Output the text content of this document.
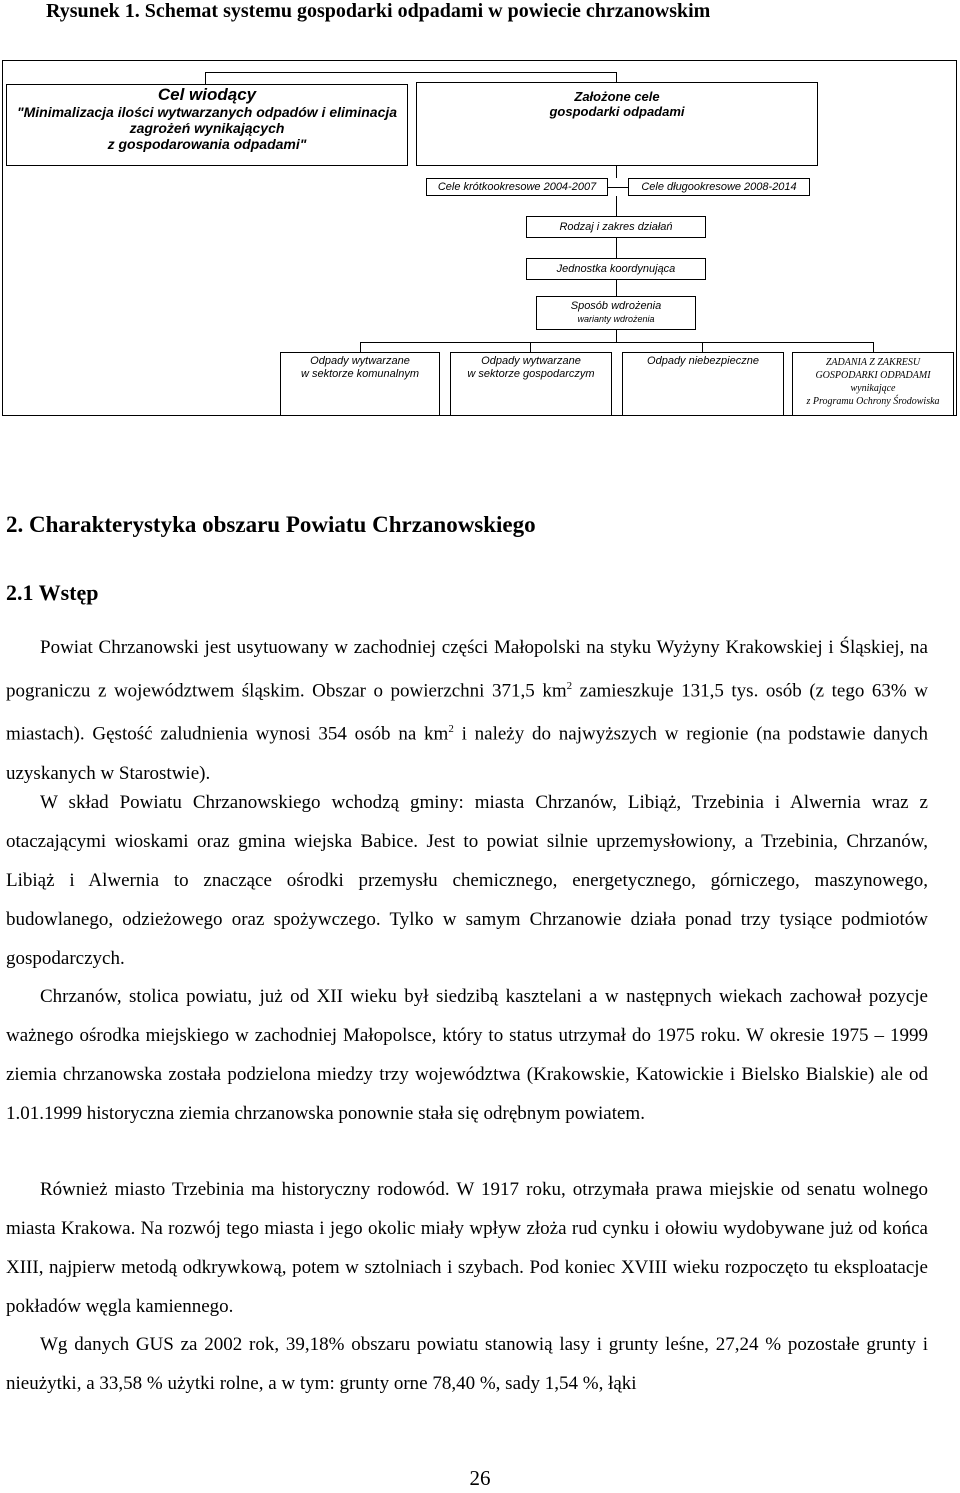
Rysunek 1. Schemat systemu gospodarki odpadami w powiecie chrzanowskim
Cel wiodący
"Minimalizacja ilości wytwarzanych odpadów i eliminacja
zagrożeń wynikających
z gospodarowania odpadami"
Założone cele
gospodarki odpadami
Cele krótkookresowe 2004-2007	Cele długookresowe 2008-2014
Rodzaj i zakres działań
Jednostka koordynująca
Sposób wdrożenia
warianty wdrożenia
Odpady wytwarzane
w sektorze komunalnym
Odpady wytwarzane
w sektorze gospodarczym
Odpady niebezpieczne	ZADANIA Z ZAKRESU
GOSPODARKI ODPADAMI
wynikające
z Programu Ochrony Środowiska
2. Charakterystyka obszaru Powiatu Chrzanowskiego
2.1 Wstęp

Powiat Chrzanowski jest usytuowany w zachodniej części Małopolski na styku Wyżyny Krakowskiej i Śląskiej, na pograniczu z województwem śląskim. Obszar o powierzchni 371,5 $km^2$ zamieszkuje 131,5 tys. osób (z tego 63% w miastach). Gęstość zaludnienia wynosi 354 osób na $km^2$ i należy do najwyższych w regionie (na podstawie danych uzyskanych w Starostwie).

W skład Powiatu Chrzanowskiego wchodzą gminy: miasta Chrzanów, Libiąż, Trzebinia i Alwernia wraz z otaczającymi wioskami oraz gmina wiejska Babice. Jest to powiat silnie uprzemysłowiony, a Trzebinia, Chrzanów, Libiąż i Alwernia to znaczące ośrodki przemysłu chemicznego, energetycznego, górniczego, maszynowego, budowlanego, odzieżowego oraz spożywczego. Tylko w samym Chrzanowie działa ponad trzy tysiące podmiotów gospodarczych.

Chrzanów, stolica powiatu, już od XII wieku był siedzibą kasztelani a w następnych wiekach zachował pozycje ważnego ośrodka miejskiego w zachodniej Małopolsce, który to status utrzymał do 1975 roku. W okresie 1975 – 1999 ziemia chrzanowska została podzielona miedzy trzy województwa (Krakowskie, Katowickie i Bielsko Bialskie) ale od 1.01.1999 historyczna ziemia chrzanowska ponownie stała się odrębnym powiatem.

Również miasto Trzebinia ma historyczny rodowód. W 1917 roku, otrzymała prawa miejskie od senatu wolnego miasta Krakowa. Na rozwój tego miasta i jego okolic miały wpływ złoża rud cynku i ołowiu wydobywane już od końca XIII, najpierw metodą odkrywkową, potem w sztolniach i szybach. Pod koniec XVIII wieku rozpoczęto tu eksploatacje pokładów węgla kamiennego.

Wg danych GUS za 2002 rok, 39,18% obszaru powiatu stanowią lasy i grunty leśne, 27,24 % pozostałe grunty i nieużytki, a 33,58 % użytki rolne, a w tym: grunty orne 78,40 %, sady 1,54 %, łąki

26
